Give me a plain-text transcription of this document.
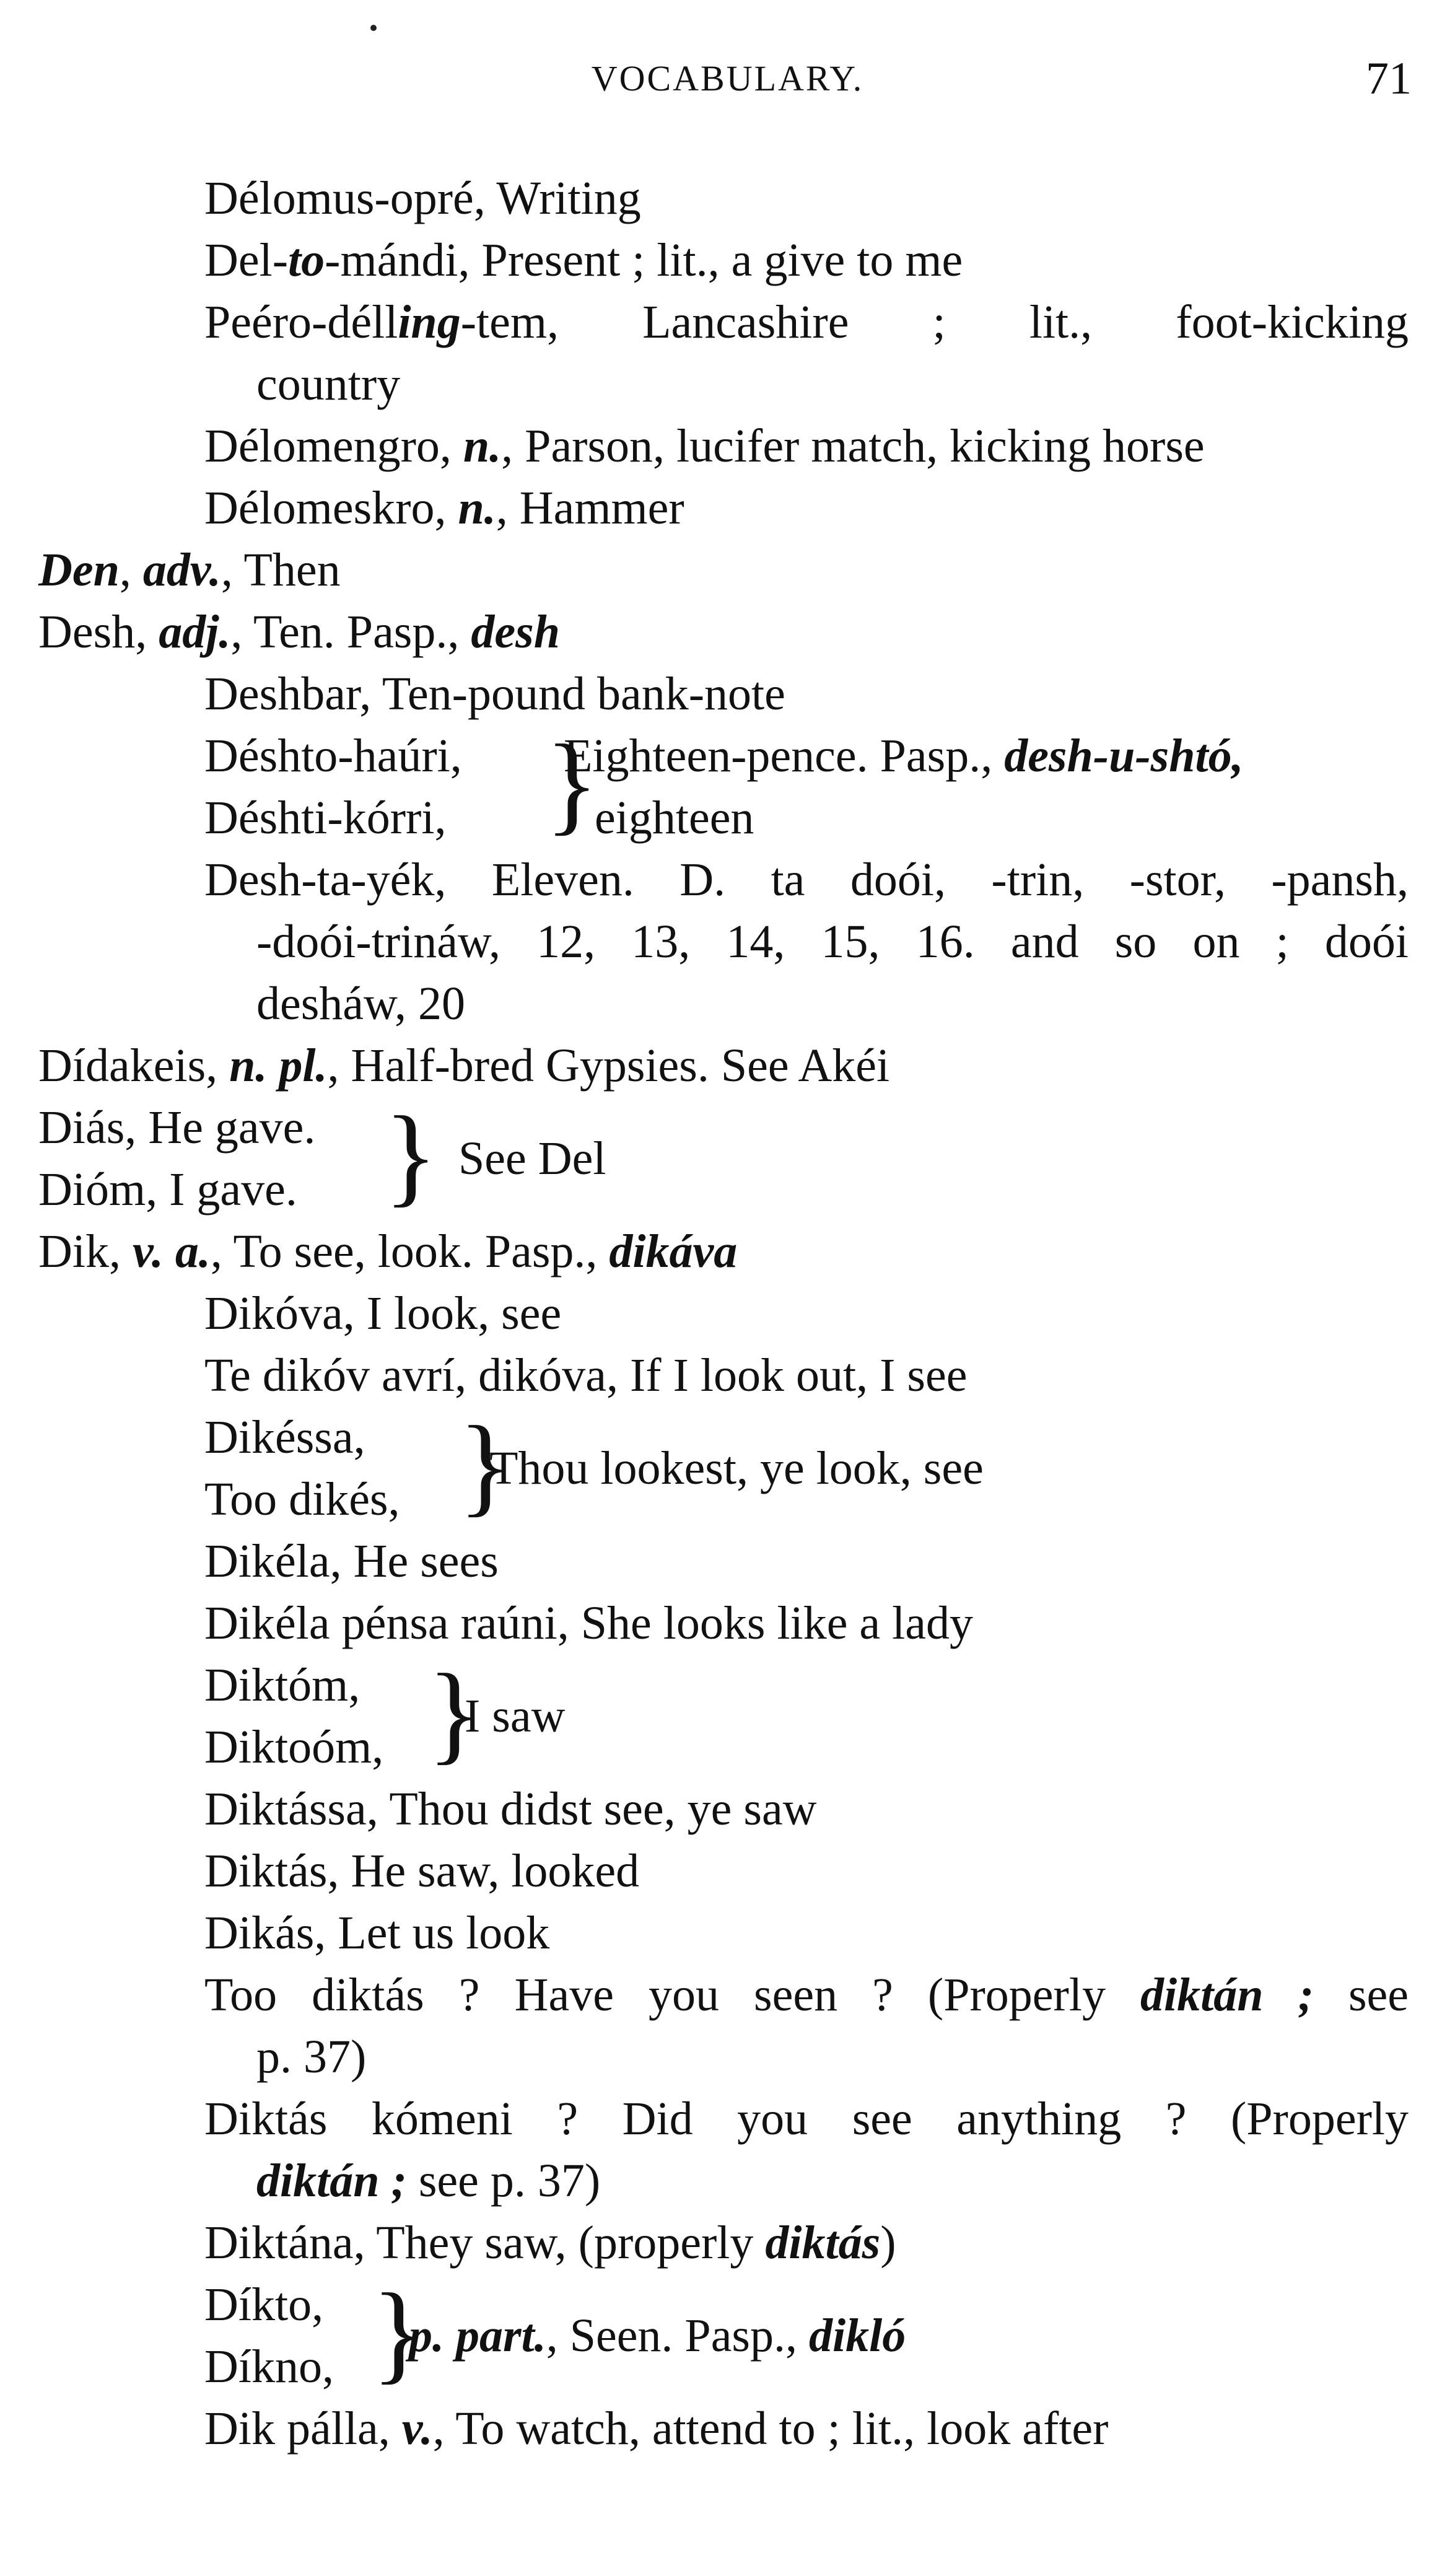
VOCABULARY.	71
Délomus-opré, Writing
Del-to-mándi, Present ; lit., a give to me
Peéro-délling-tem, Lancashire ; lit., foot-kicking
country
Délomengro, n., Parson, lucifer match, kicking horse
Délomeskro, n., Hammer
Den, adv., Then
Desh, adj., Ten. Pasp., desh
Deshbar, Ten-pound bank-note
Déshto-haúri,
Déshti-kórri, }
Eighteen-pence. Pasp., desh-u-shtó,
eighteen
Desh-ta-yék, Eleven. D. ta doói, -trin, -stor, -pansh,
-doói-trináw, 12, 13, 14, 15, 16. and so on ; doói
desháw, 20
Dídakeis, n. pl., Half-bred Gypsies. See Akéi
Diás, He gave.
Dióm, I gave. } See Del
Dik, v. a., To see, look. Pasp., dikáva
Dikóva, I look, see
Te dikóv avrí, dikóva, If I look out, I see
Dikéssa,
Too dikés, }
Thou lookest, ye look, see
Dikéla, He sees
Dikéla pénsa raúni, She looks like a lady
Diktóm,
Diktoóm, }
I saw
Diktássa, Thou didst see, ye saw
Diktás, He saw, looked
Dikás, Let us look
Too diktás ? Have you seen ? (Properly diktán ; see
p. 37)
Diktás kómeni ? Did you see anything ? (Properly
diktán ; see p. 37)
Diktána, They saw, (properly diktás)
Díkto,
Díkno, }
p. part., Seen. Pasp., dikló
Dik pálla, v., To watch, attend to ; lit., look after
